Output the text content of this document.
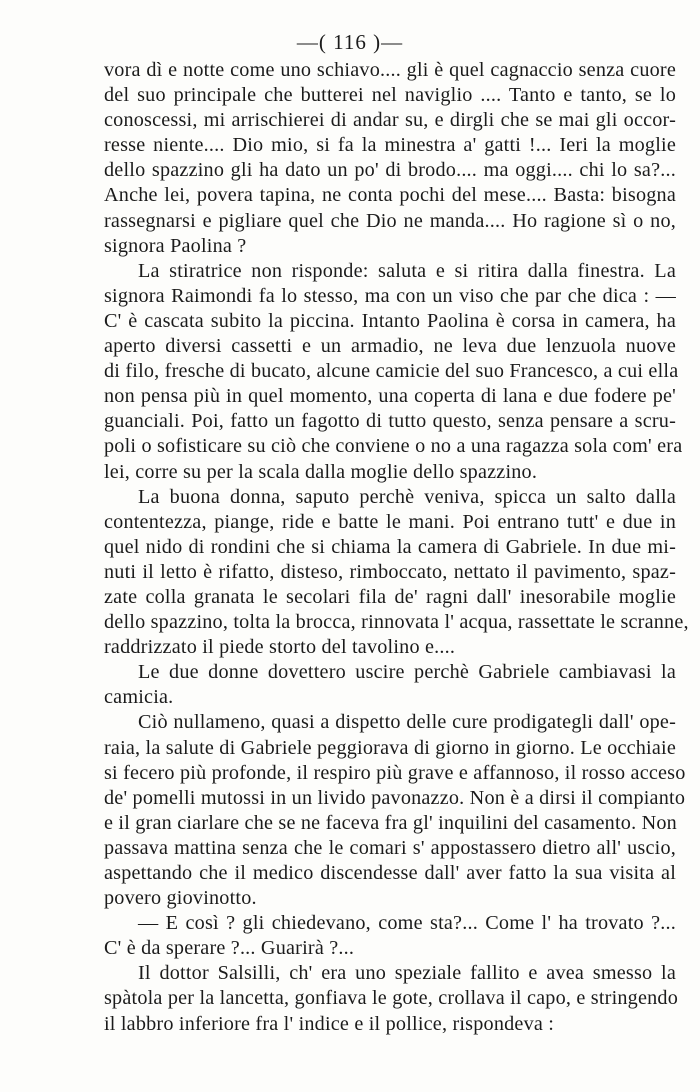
—( 116 )—
vora dì e notte come uno schiavo.... gli è quel cagnaccio senza cuore
del suo principale che butterei nel naviglio .... Tanto e tanto, se lo
conoscessi, mi arrischierei di andar su, e dirgli che se mai gli occor-
resse niente.... Dio mio, si fa la minestra a' gatti !... Ieri la moglie
dello spazzino gli ha dato un po' di brodo.... ma oggi.... chi lo sa?...
Anche lei, povera tapina, ne conta pochi del mese.... Basta: bisogna
rassegnarsi e pigliare quel che Dio ne manda.... Ho ragione sì o no,
signora Paolina ?
La stiratrice non risponde: saluta e si ritira dalla finestra. La
signora Raimondi fa lo stesso, ma con un viso che par che dica : —
C' è cascata subito la piccina. Intanto Paolina è corsa in camera, ha
aperto diversi cassetti e un armadio, ne leva due lenzuola nuove
di filo, fresche di bucato, alcune camicie del suo Francesco, a cui ella
non pensa più in quel momento, una coperta di lana e due fodere pe'
guanciali. Poi, fatto un fagotto di tutto questo, senza pensare a scru-
poli o sofisticare su ciò che conviene o no a una ragazza sola com' era
lei, corre su per la scala dalla moglie dello spazzino.
La buona donna, saputo perchè veniva, spicca un salto dalla
contentezza, piange, ride e batte le mani. Poi entrano tutt' e due in
quel nido di rondini che si chiama la camera di Gabriele. In due mi-
nuti il letto è rifatto, disteso, rimboccato, nettato il pavimento, spaz-
zate colla granata le secolari fila de' ragni dall' inesorabile moglie
dello spazzino, tolta la brocca, rinnovata l' acqua, rassettate le scranne,
raddrizzato il piede storto del tavolino e....
Le due donne dovettero uscire perchè Gabriele cambiavasi la
camicia.
Ciò nullameno, quasi a dispetto delle cure prodigategli dall' ope-
raia, la salute di Gabriele peggiorava di giorno in giorno. Le occhiaie
si fecero più profonde, il respiro più grave e affannoso, il rosso acceso
de' pomelli mutossi in un livido pavonazzo. Non è a dirsi il compianto
e il gran ciarlare che se ne faceva fra gl' inquilini del casamento. Non
passava mattina senza che le comari s' appostassero dietro all' uscio,
aspettando che il medico discendesse dall' aver fatto la sua visita al
povero giovinotto.
— E così ? gli chiedevano, come sta?... Come l' ha trovato ?...
C' è da sperare ?... Guarirà ?...
Il dottor Salsilli, ch' era uno speziale fallito e avea smesso la
spàtola per la lancetta, gonfiava le gote, crollava il capo, e stringendo
il labbro inferiore fra l' indice e il pollice, rispondeva :
